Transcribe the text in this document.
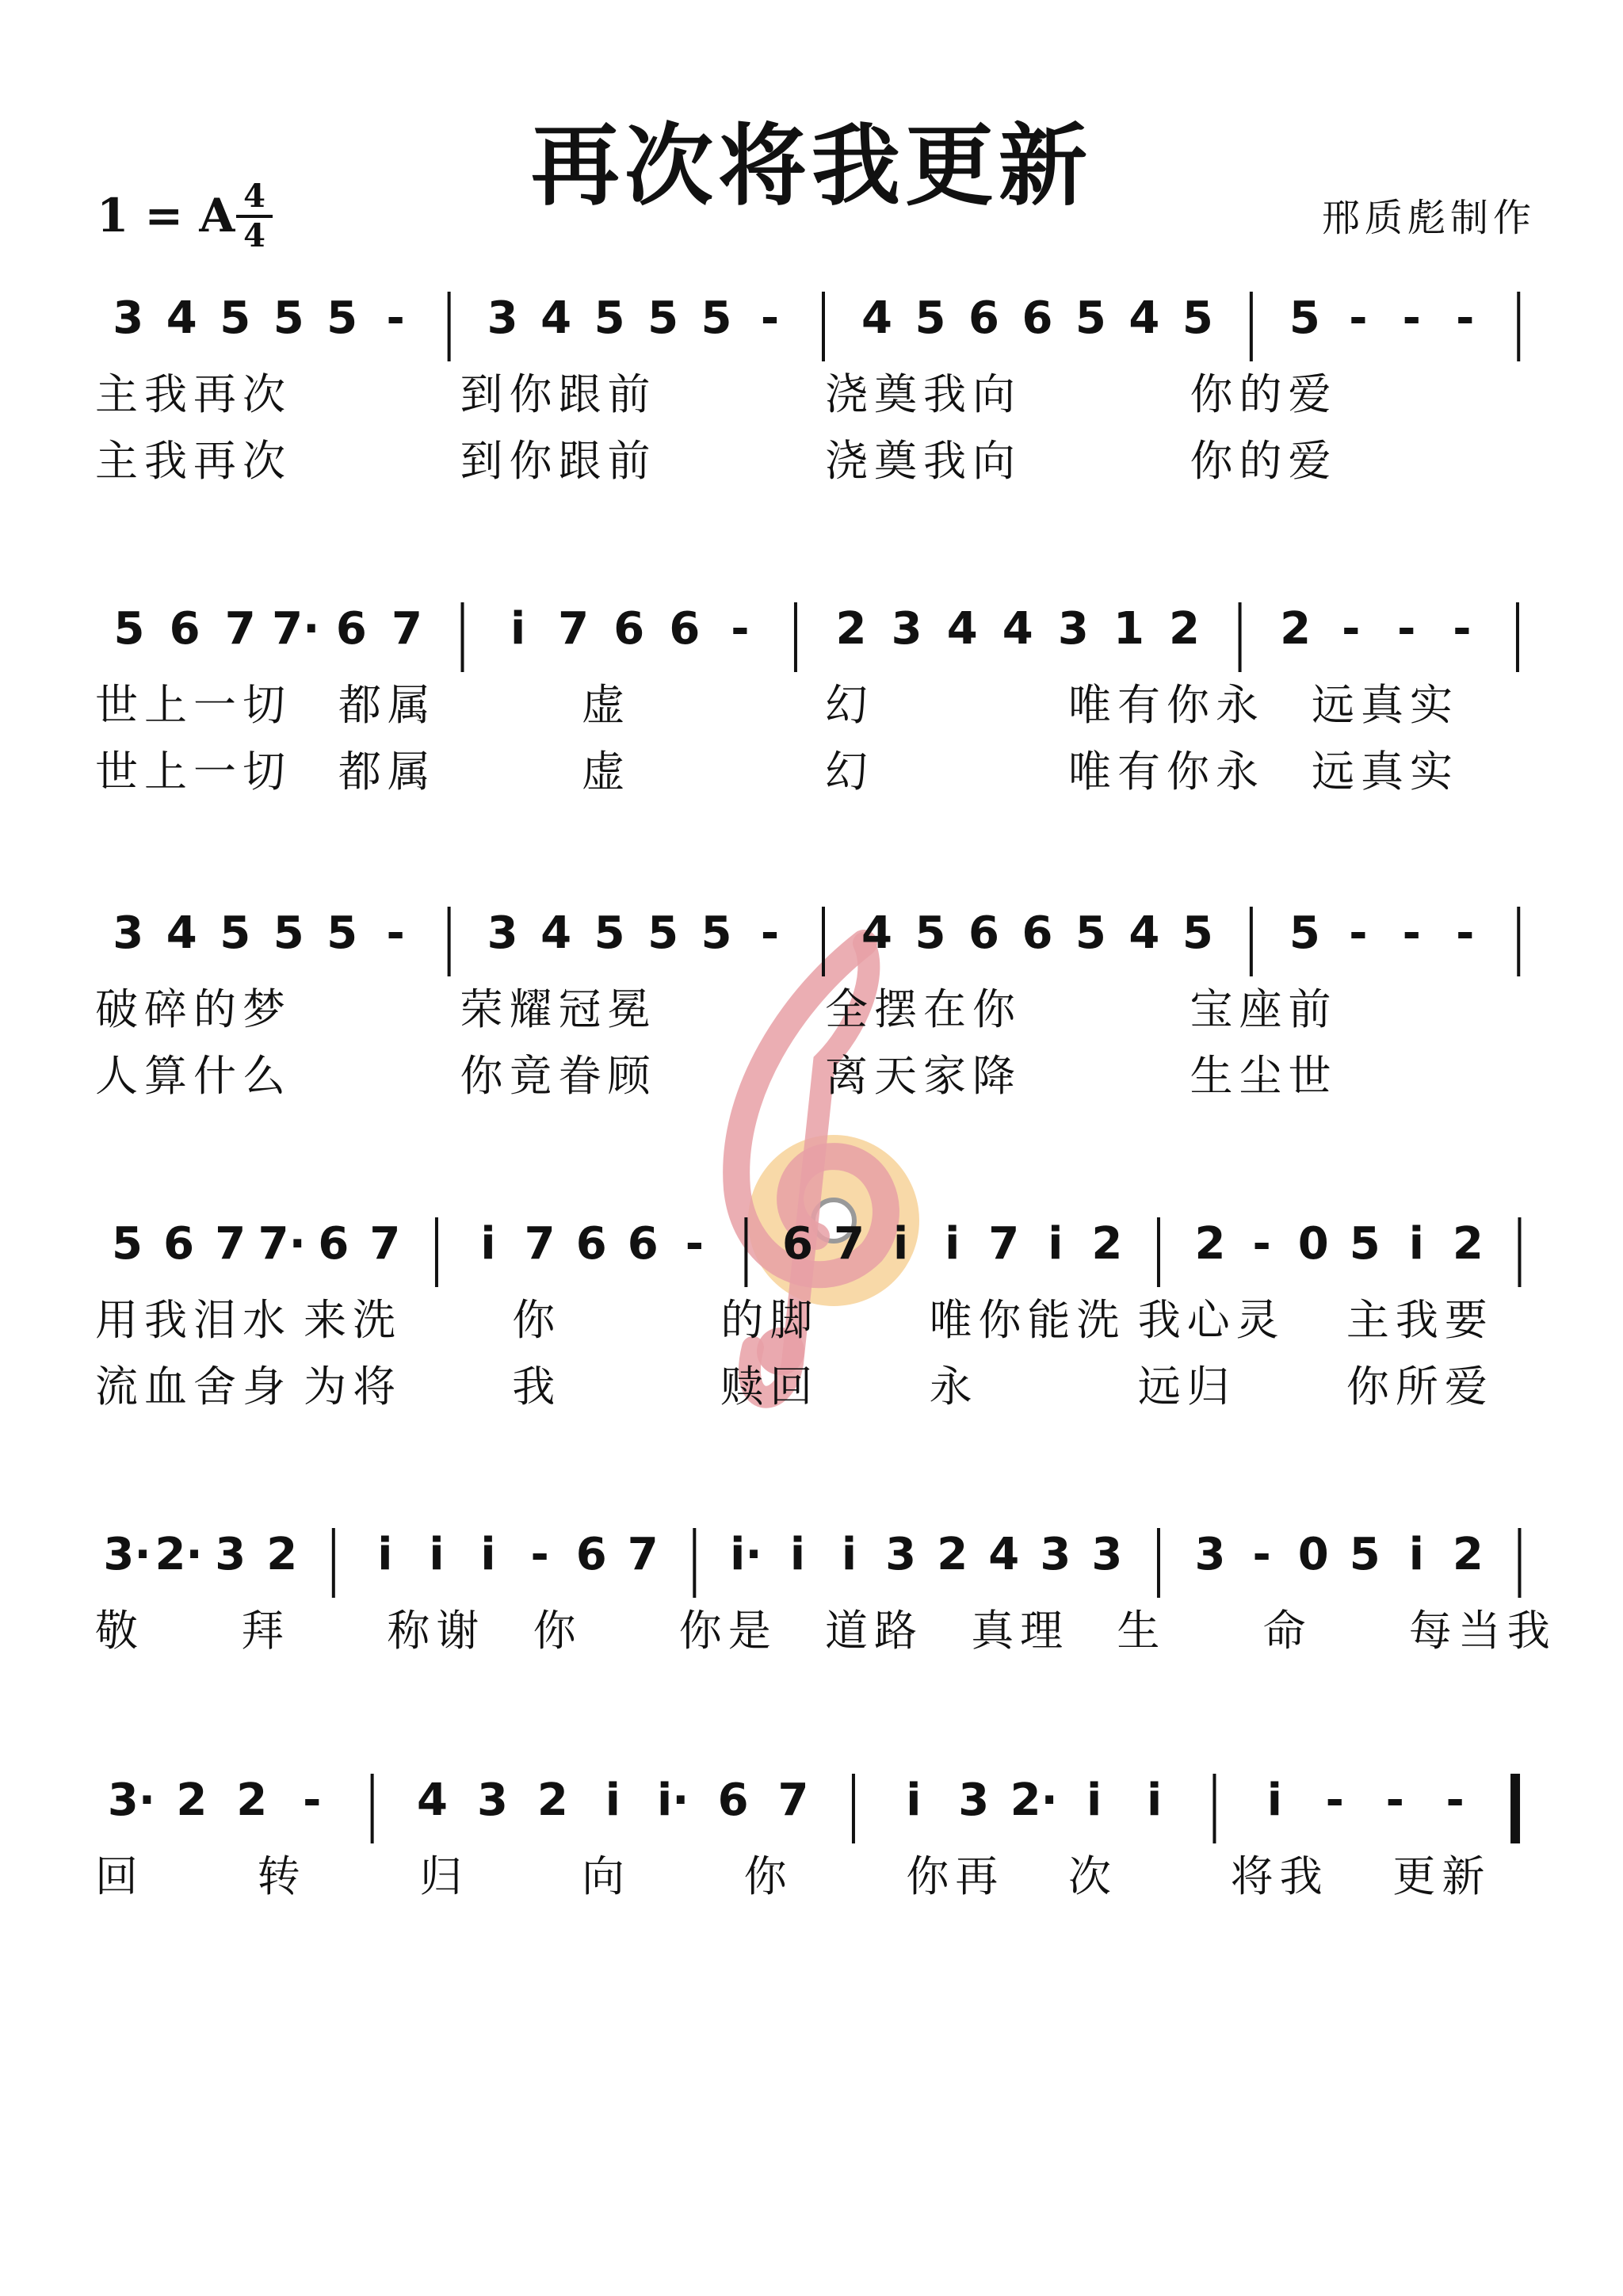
再次将我更新
1 = A 4
4	邢质彪制作
3 4 5 5 5 - 3 4 5 5 5 - 4 5 6 6 5 4 5 5 - - -
主我再次	到你跟前	浇奠我向	你的爱
主我再次	到你跟前	浇奠我向	你的爱
5 6 7 7· 6 7 i 7 6 6 - 2 3 4 4 3 1 2 2 - - -
世上一切 都属	虚	幻	唯有你永 远真实
世上一切 都属	虚	幻	唯有你永 远真实
3 4 5 5 5 - 3 4 5 5 5 - 4 5 6 6 5 4 5 5 - - -
破碎的梦	荣耀冠冕	全摆在你	宝座前
人算什么	你竟眷顾	离天家降	生尘世
5 6 7 7· 6 7 i 7 6 6 - 6 7 i i 7 i 2 2 - 0 5 i 2
用我泪水 来洗	你	的脚	唯你能洗 我心灵 主我要
流血舍身 为将	我	赎回	永	远归	你所爱
3· 2· 3 2 i i i - 6 7 i· i i 3 2 4 3 3 3 - 0 5 i 2
敬 拜 称谢 你 你是 道路 真理 生 命 每当我
3· 2 2 - 4 3 2 i i· 6 7 i 3 2· i i i - - -
回	转	归	向	你	你再 次	将我 更新
